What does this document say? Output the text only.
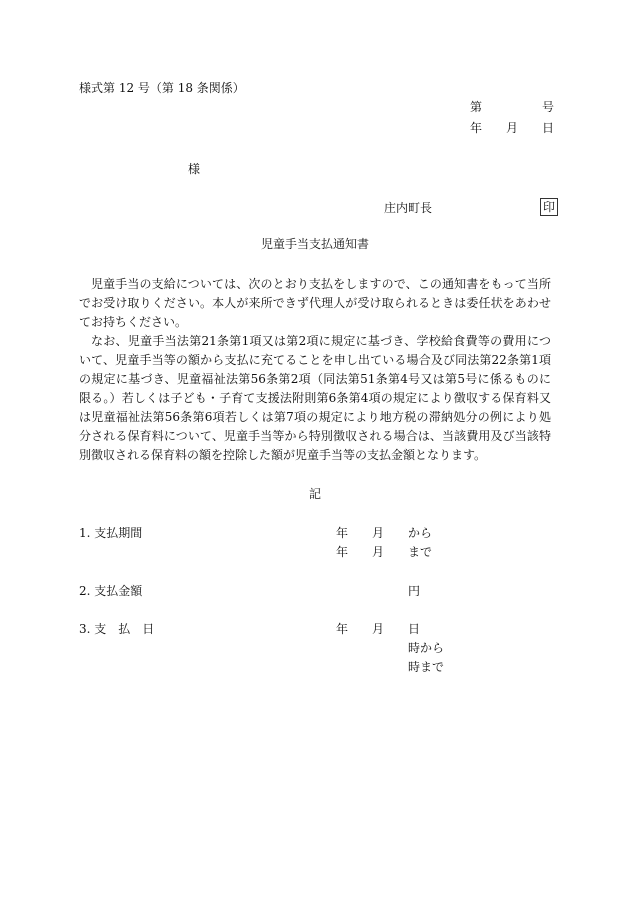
様式第 12 号（第 18 条関係）
第　　　　　号
年　　月　　日
様
庄内町長	印
児童手当支払通知書

児童手当の支給については、次のとおり支払をしますので、この通知書をもって当所でお受け取りください。本人が来所できず代理人が受け取られるときは委任状をあわせてお持ちください。

なお、児童手当法第21条第1項又は第2項に規定に基づき、学校給食費等の費用について、児童手当等の額から支払に充てることを申し出ている場合及び同法第22条第1項の規定に基づき、児童福祉法第56条第2項（同法第51条第4号又は第5号に係るものに限る。）若しくは子ども・子育て支援法附則第6条第4項の規定により徴収する保育料又は児童福祉法第56条第6項若しくは第7項の規定により地方税の滞納処分の例により処分される保育料について、児童手当等から特別徴収される場合は、当該費用及び当該特別徴収される保育料の額を控除した額が児童手当等の支払金額となります。

記
1. 支払期間	年 月 から
年 月 まで
2. 支払金額	円
3. 支　払　日	年 月 日
時から
時まで
